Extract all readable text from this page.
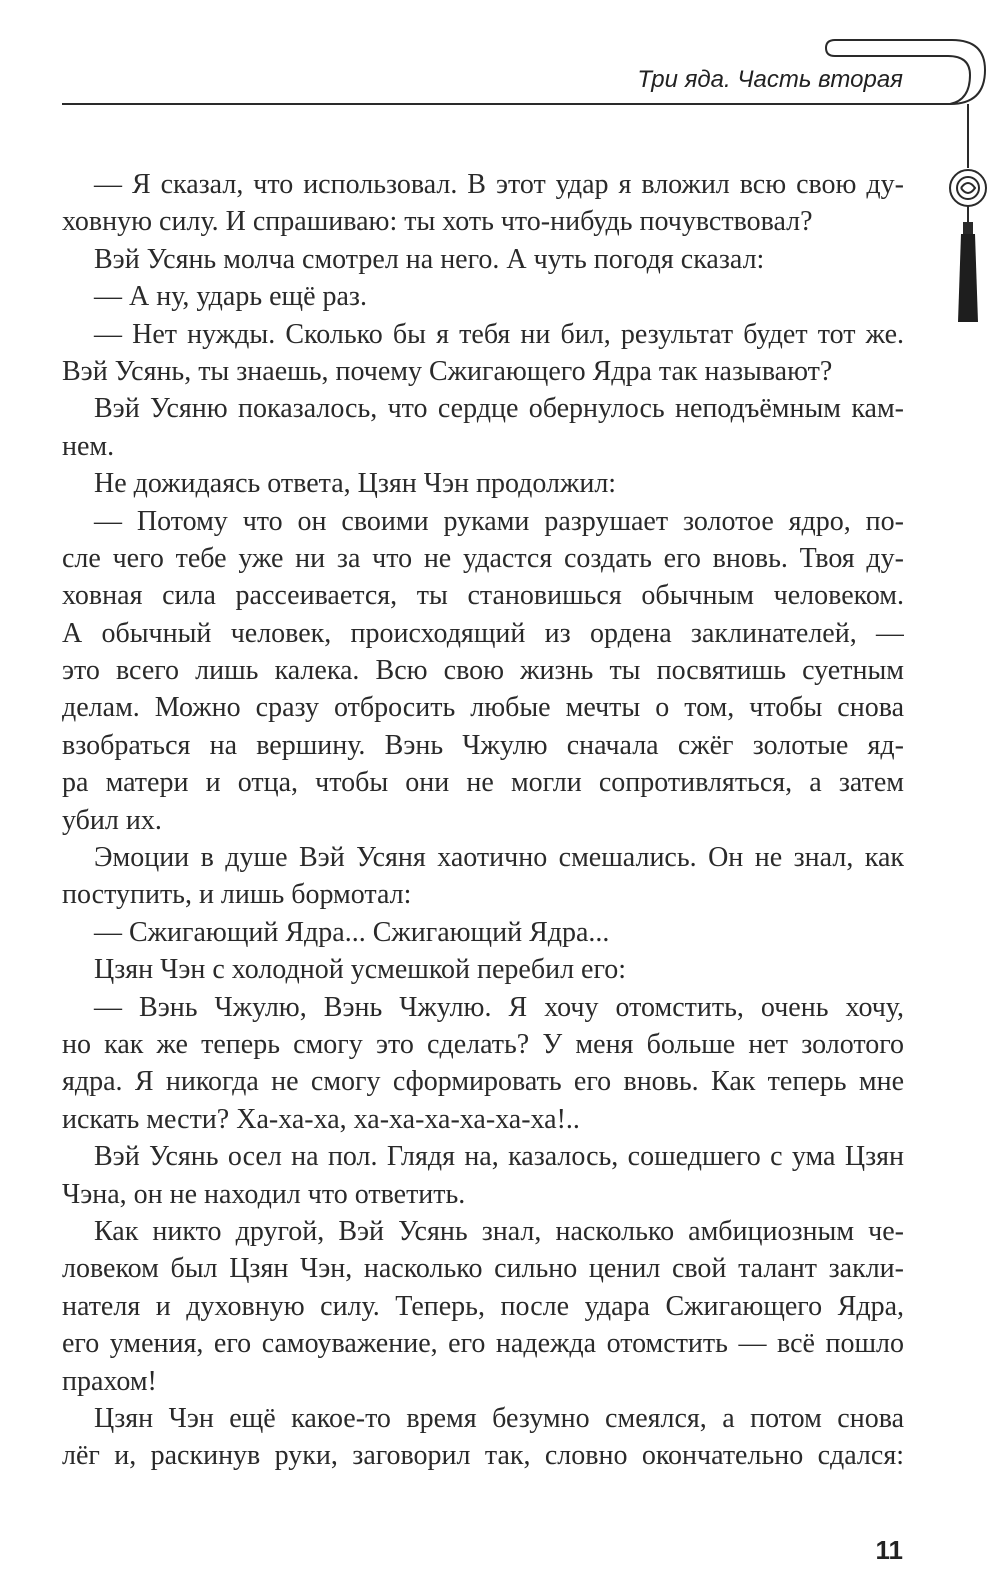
Три яда. Часть вторая
— Я сказал, что использовал. В этот удар я вложил всю свою ду-
ховную силу. И спрашиваю: ты хоть что-нибудь почувствовал?
Вэй Усянь молча смотрел на него. А чуть погодя сказал:
— А ну, ударь ещё раз.
— Нет нужды. Сколько бы я тебя ни бил, результат будет тот же.
Вэй Усянь, ты знаешь, почему Сжигающего Ядра так называют?
Вэй Усяню показалось, что сердце обернулось неподъёмным кам-
нем.
Не дожидаясь ответа, Цзян Чэн продолжил:
— Потому что он своими руками разрушает золотое ядро, по-
сле чего тебе уже ни за что не удастся создать его вновь. Твоя ду-
ховная сила рассеивается, ты становишься обычным человеком.
А обычный человек, происходящий из ордена заклинателей, —
это всего лишь калека. Всю свою жизнь ты посвятишь суетным
делам. Можно сразу отбросить любые мечты о том, чтобы снова
взобраться на вершину. Вэнь Чжулю сначала сжёг золотые яд-
ра матери и отца, чтобы они не могли сопротивляться, а затем
убил их.
Эмоции в душе Вэй Усяня хаотично смешались. Он не знал, как
поступить, и лишь бормотал:
— Сжигающий Ядра... Сжигающий Ядра...
Цзян Чэн с холодной усмешкой перебил его:
— Вэнь Чжулю, Вэнь Чжулю. Я хочу отомстить, очень хочу,
но как же теперь смогу это сделать? У меня больше нет золотого
ядра. Я никогда не смогу сформировать его вновь. Как теперь мне
искать мести? Ха-ха-ха, ха-ха-ха-ха-ха-ха!..
Вэй Усянь осел на пол. Глядя на, казалось, сошедшего с ума Цзян
Чэна, он не находил что ответить.
Как никто другой, Вэй Усянь знал, насколько амбициозным че-
ловеком был Цзян Чэн, насколько сильно ценил свой талант закли-
нателя и духовную силу. Теперь, после удара Сжигающего Ядра,
его умения, его самоуважение, его надежда отомстить — всё пошло
прахом!
Цзян Чэн ещё какое-то время безумно смеялся, а потом снова
лёг и, раскинув руки, заговорил так, словно окончательно сдался:
11
